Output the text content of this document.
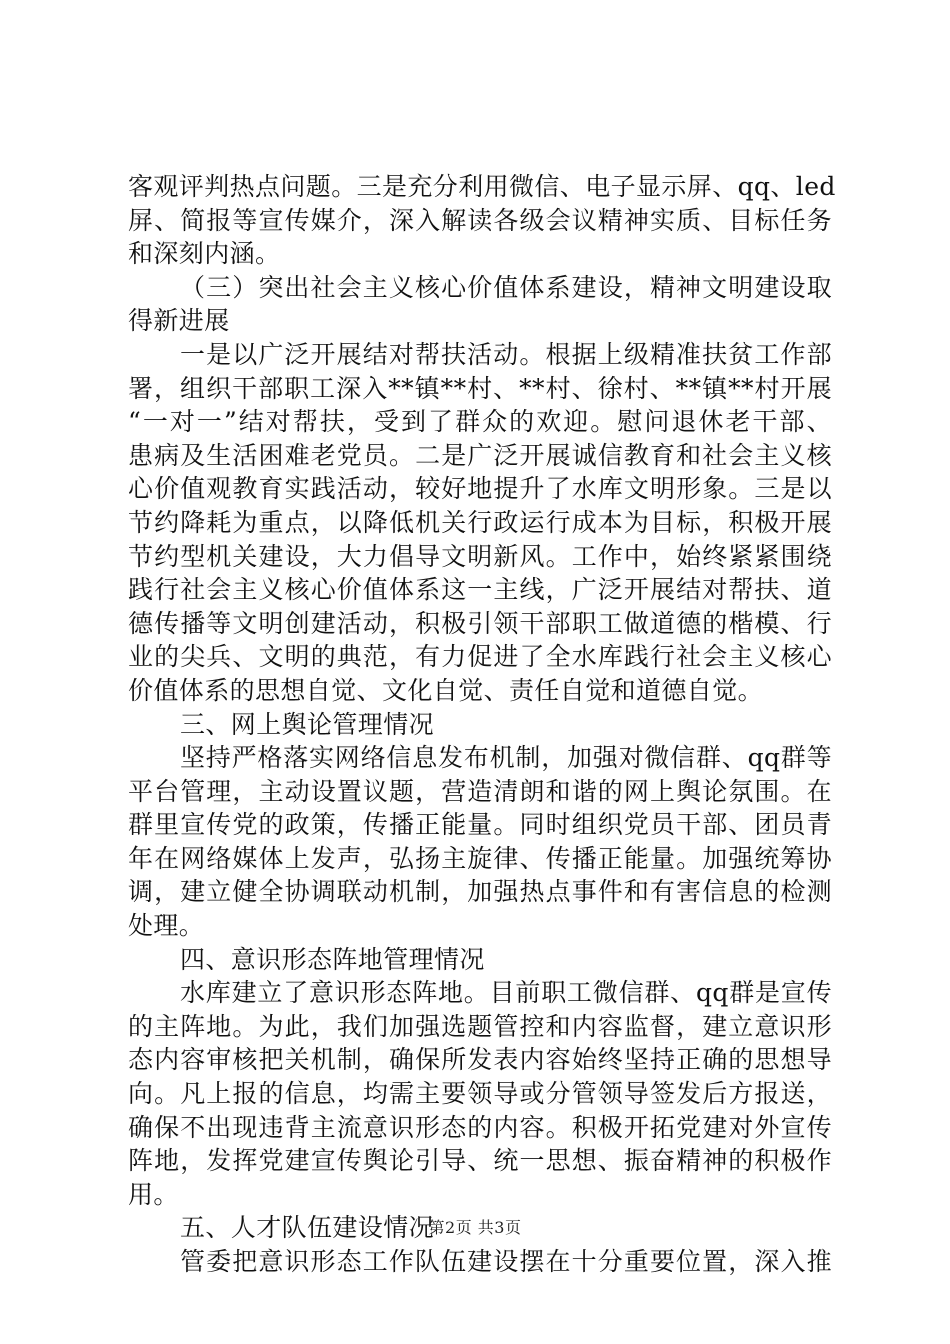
客观评判热点问题。三是充分利用微信、电子显示屏、qq、led
屏、简报等宣传媒介，深入解读各级会议精神实质、目标任务
和深刻内涵。
（三）突出社会主义核心价值体系建设，精神文明建设取
得新进展
一是以广泛开展结对帮扶活动。根据上级精准扶贫工作部
署，组织干部职工深入**镇**村、**村、徐村、**镇**村开展
“一对一”结对帮扶，受到了群众的欢迎。慰问退休老干部、
患病及生活困难老党员。二是广泛开展诚信教育和社会主义核
心价值观教育实践活动，较好地提升了水库文明形象。三是以
节约降耗为重点，以降低机关行政运行成本为目标，积极开展
节约型机关建设，大力倡导文明新风。工作中，始终紧紧围绕
践行社会主义核心价值体系这一主线，广泛开展结对帮扶、道
德传播等文明创建活动，积极引领干部职工做道德的楷模、行
业的尖兵、文明的典范，有力促进了全水库践行社会主义核心
价值体系的思想自觉、文化自觉、责任自觉和道德自觉。
三、网上舆论管理情况
坚持严格落实网络信息发布机制，加强对微信群、qq群等
平台管理，主动设置议题，营造清朗和谐的网上舆论氛围。在
群里宣传党的政策，传播正能量。同时组织党员干部、团员青
年在网络媒体上发声，弘扬主旋律、传播正能量。加强统筹协
调，建立健全协调联动机制，加强热点事件和有害信息的检测
处理。
四、意识形态阵地管理情况
水库建立了意识形态阵地。目前职工微信群、qq群是宣传
的主阵地。为此，我们加强选题管控和内容监督，建立意识形
态内容审核把关机制，确保所发表内容始终坚持正确的思想导
向。凡上报的信息，均需主要领导或分管领导签发后方报送，
确保不出现违背主流意识形态的内容。积极开拓党建对外宣传
阵地，发挥党建宣传舆论引导、统一思想、振奋精神的积极作
用。
五、人才队伍建设情况
管委把意识形态工作队伍建设摆在十分重要位置，深入推
第2页 共3页
